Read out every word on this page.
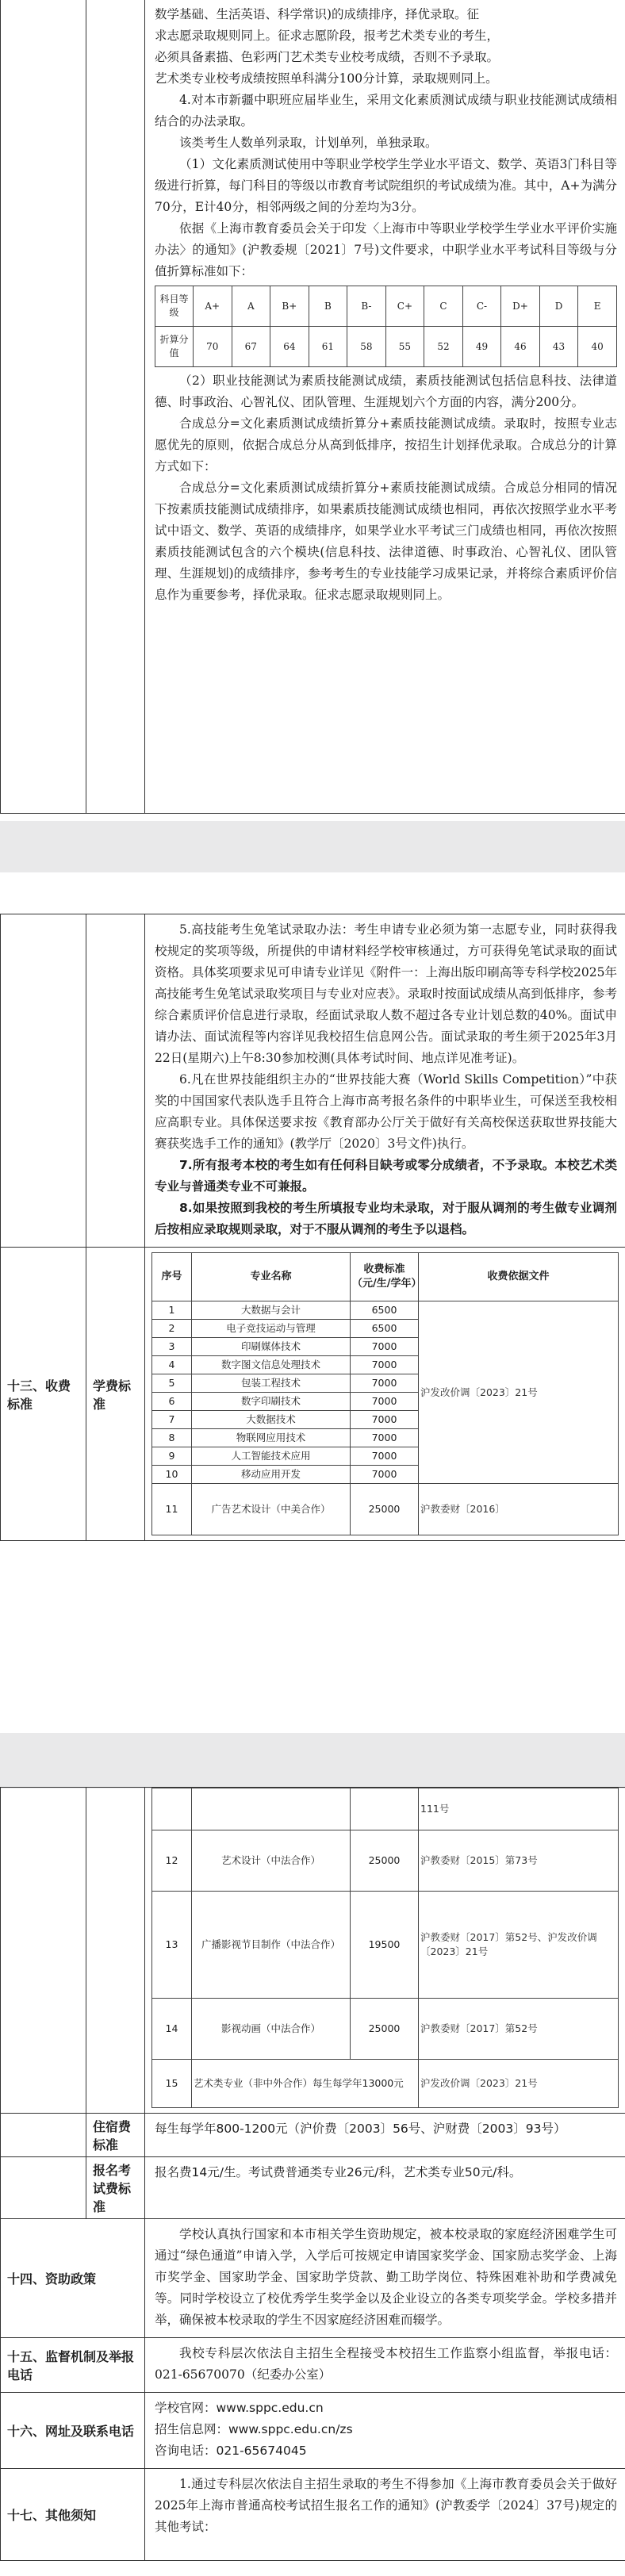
数学基础、生活英语、科学常识)的成绩排序，择优录取。征

求志愿录取规则同上。征求志愿阶段，报考艺术类专业的考生，

必须具备素描、色彩两门艺术类专业校考成绩，否则不予录取。

艺术类专业校考成绩按照单科满分100分计算，录取规则同上。

4.对本市新疆中职班应届毕业生，采用文化素质测试成绩与职业技能测试成绩相结合的办法录取。

该类考生人数单列录取，计划单列，单独录取。

（1）文化素质测试使用中等职业学校学生学业水平语文、数学、英语3门科目等级进行折算，每门科目的等级以市教育考试院组织的考试成绩为准。其中，A+为满分70分，E计40分，相邻两级之间的分差均为3分。

依据《上海市教育委员会关于印发〈上海市中等职业学校学生学业水平评价实施办法〉的通知》(沪教委规〔2021〕7号)文件要求，中职学业水平考试科目等级与分值折算标准如下：

科目等级	A+	A	B+	B	B-	C+	C	C-	D+	D	E
折算分值	70	67	64	61	58	55	52	49	46	43	40

（2）职业技能测试为素质技能测试成绩，素质技能测试包括信息科技、法律道德、时事政治、心智礼仪、团队管理、生涯规划六个方面的内容，满分200分。

合成总分=文化素质测试成绩折算分+素质技能测试成绩。录取时，按照专业志愿优先的原则，依据合成总分从高到低排序，按招生计划择优录取。合成总分的计算方式如下：

合成总分=文化素质测试成绩折算分+素质技能测试成绩。合成总分相同的情况下按素质技能测试成绩排序，如果素质技能测试成绩也相同，再依次按照学业水平考试中语文、数学、英语的成绩排序，如果学业水平考试三门成绩也相同，再依次按照素质技能测试包含的六个模块(信息科技、法律道德、时事政治、心智礼仪、团队管理、生涯规划)的成绩排序，参考考生的专业技能学习成果记录，并将综合素质评价信息作为重要参考，择优录取。征求志愿录取规则同上。

5.高技能考生免笔试录取办法：考生申请专业必须为第一志愿专业，同时获得我校规定的奖项等级，所提供的申请材料经学校审核通过，方可获得免笔试录取的面试资格。具体奖项要求见可申请专业详见《附件一：上海出版印刷高等专科学校2025年高技能考生免笔试录取奖项目与专业对应表》。录取时按面试成绩从高到低排序，参考综合素质评价信息进行录取，经面试录取人数不超过各专业计划总数的40%。面试申请办法、面试流程等内容详见我校招生信息网公告。面试录取的考生须于2025年3月22日(星期六)上午8:30参加校测(具体考试时间、地点详见准考证)。

6.凡在世界技能组织主办的“世界技能大赛（World Skills Competition）”中获奖的中国国家代表队选手且符合上海市高考报名条件的中职毕业生，可保送至我校相应高职专业。具体保送要求按《教育部办公厅关于做好有关高校保送获取世界技能大赛获奖选手工作的通知》(教学厅〔2020〕3号文件)执行。

7.所有报考本校的考生如有任何科目缺考或零分成绩者，不予录取。本校艺术类专业与普通类专业不可兼报。

8.如果按照到我校的考生所填报专业均未录取，对于服从调剂的考生做专业调剂后按相应录取规则录取，对于不服从调剂的考生予以退档。

十三、收费标准	学费标准	
序号	专业名称	收费标准（元/生/学年）	收费依据文件
1	大数据与会计	6500	沪发改价调〔2023〕21号
2	电子竞技运动与管理	6500
3	印刷媒体技术	7000
4	数字图文信息处理技术	7000
5	包装工程技术	7000
6	数字印刷技术	7000
7	大数据技术	7000
8	物联网应用技术	7000
9	人工智能技术应用	7000
10	移动应用开发	7000
11	广告艺术设计（中美合作）	25000	沪教委财〔2016〕

			111号
12	艺术设计（中法合作）	25000	沪教委财〔2015〕第73号
13	广播影视节目制作（中法合作）	19500	沪教委财〔2017〕第52号、沪发改价调〔2023〕21号
14	影视动画（中法合作）	25000	沪教委财〔2017〕第52号
15	艺术类专业（非中外合作）每生每学年13000元	沪发改价调〔2023〕21号

	住宿费标准	
每生每学年800-1200元（沪价费〔2003〕56号、沪财费〔2003〕93号）

	报名考试费标准	
报名费14元/生。考试费普通类专业26元/科，艺术类专业50元/科。

十四、资助政策	
学校认真执行国家和本市相关学生资助规定，被本校录取的家庭经济困难学生可通过“绿色通道”申请入学，入学后可按规定申请国家奖学金、国家励志奖学金、上海市奖学金、国家助学金、国家助学贷款、勤工助学岗位、特殊困难补助和学费减免等。同时学校设立了校优秀学生奖学金以及企业设立的各类专项奖学金。学校多措并举，确保被本校录取的学生不因家庭经济困难而辍学。

十五、监督机制及举报电话	
我校专科层次依法自主招生全程接受本校招生工作监察小组监督，举报电话：021-65670070（纪委办公室）

十六、网址及联系电话	
学校官网：www.sppc.edu.cn
招生信息网：www.sppc.edu.cn/zs
咨询电话：021-65674045

十七、其他须知	
1.通过专科层次依法自主招生录取的考生不得参加《上海市教育委员会关于做好2025年上海市普通高校考试招生报名工作的通知》(沪教委学〔2024〕37号)规定的其他考试：
